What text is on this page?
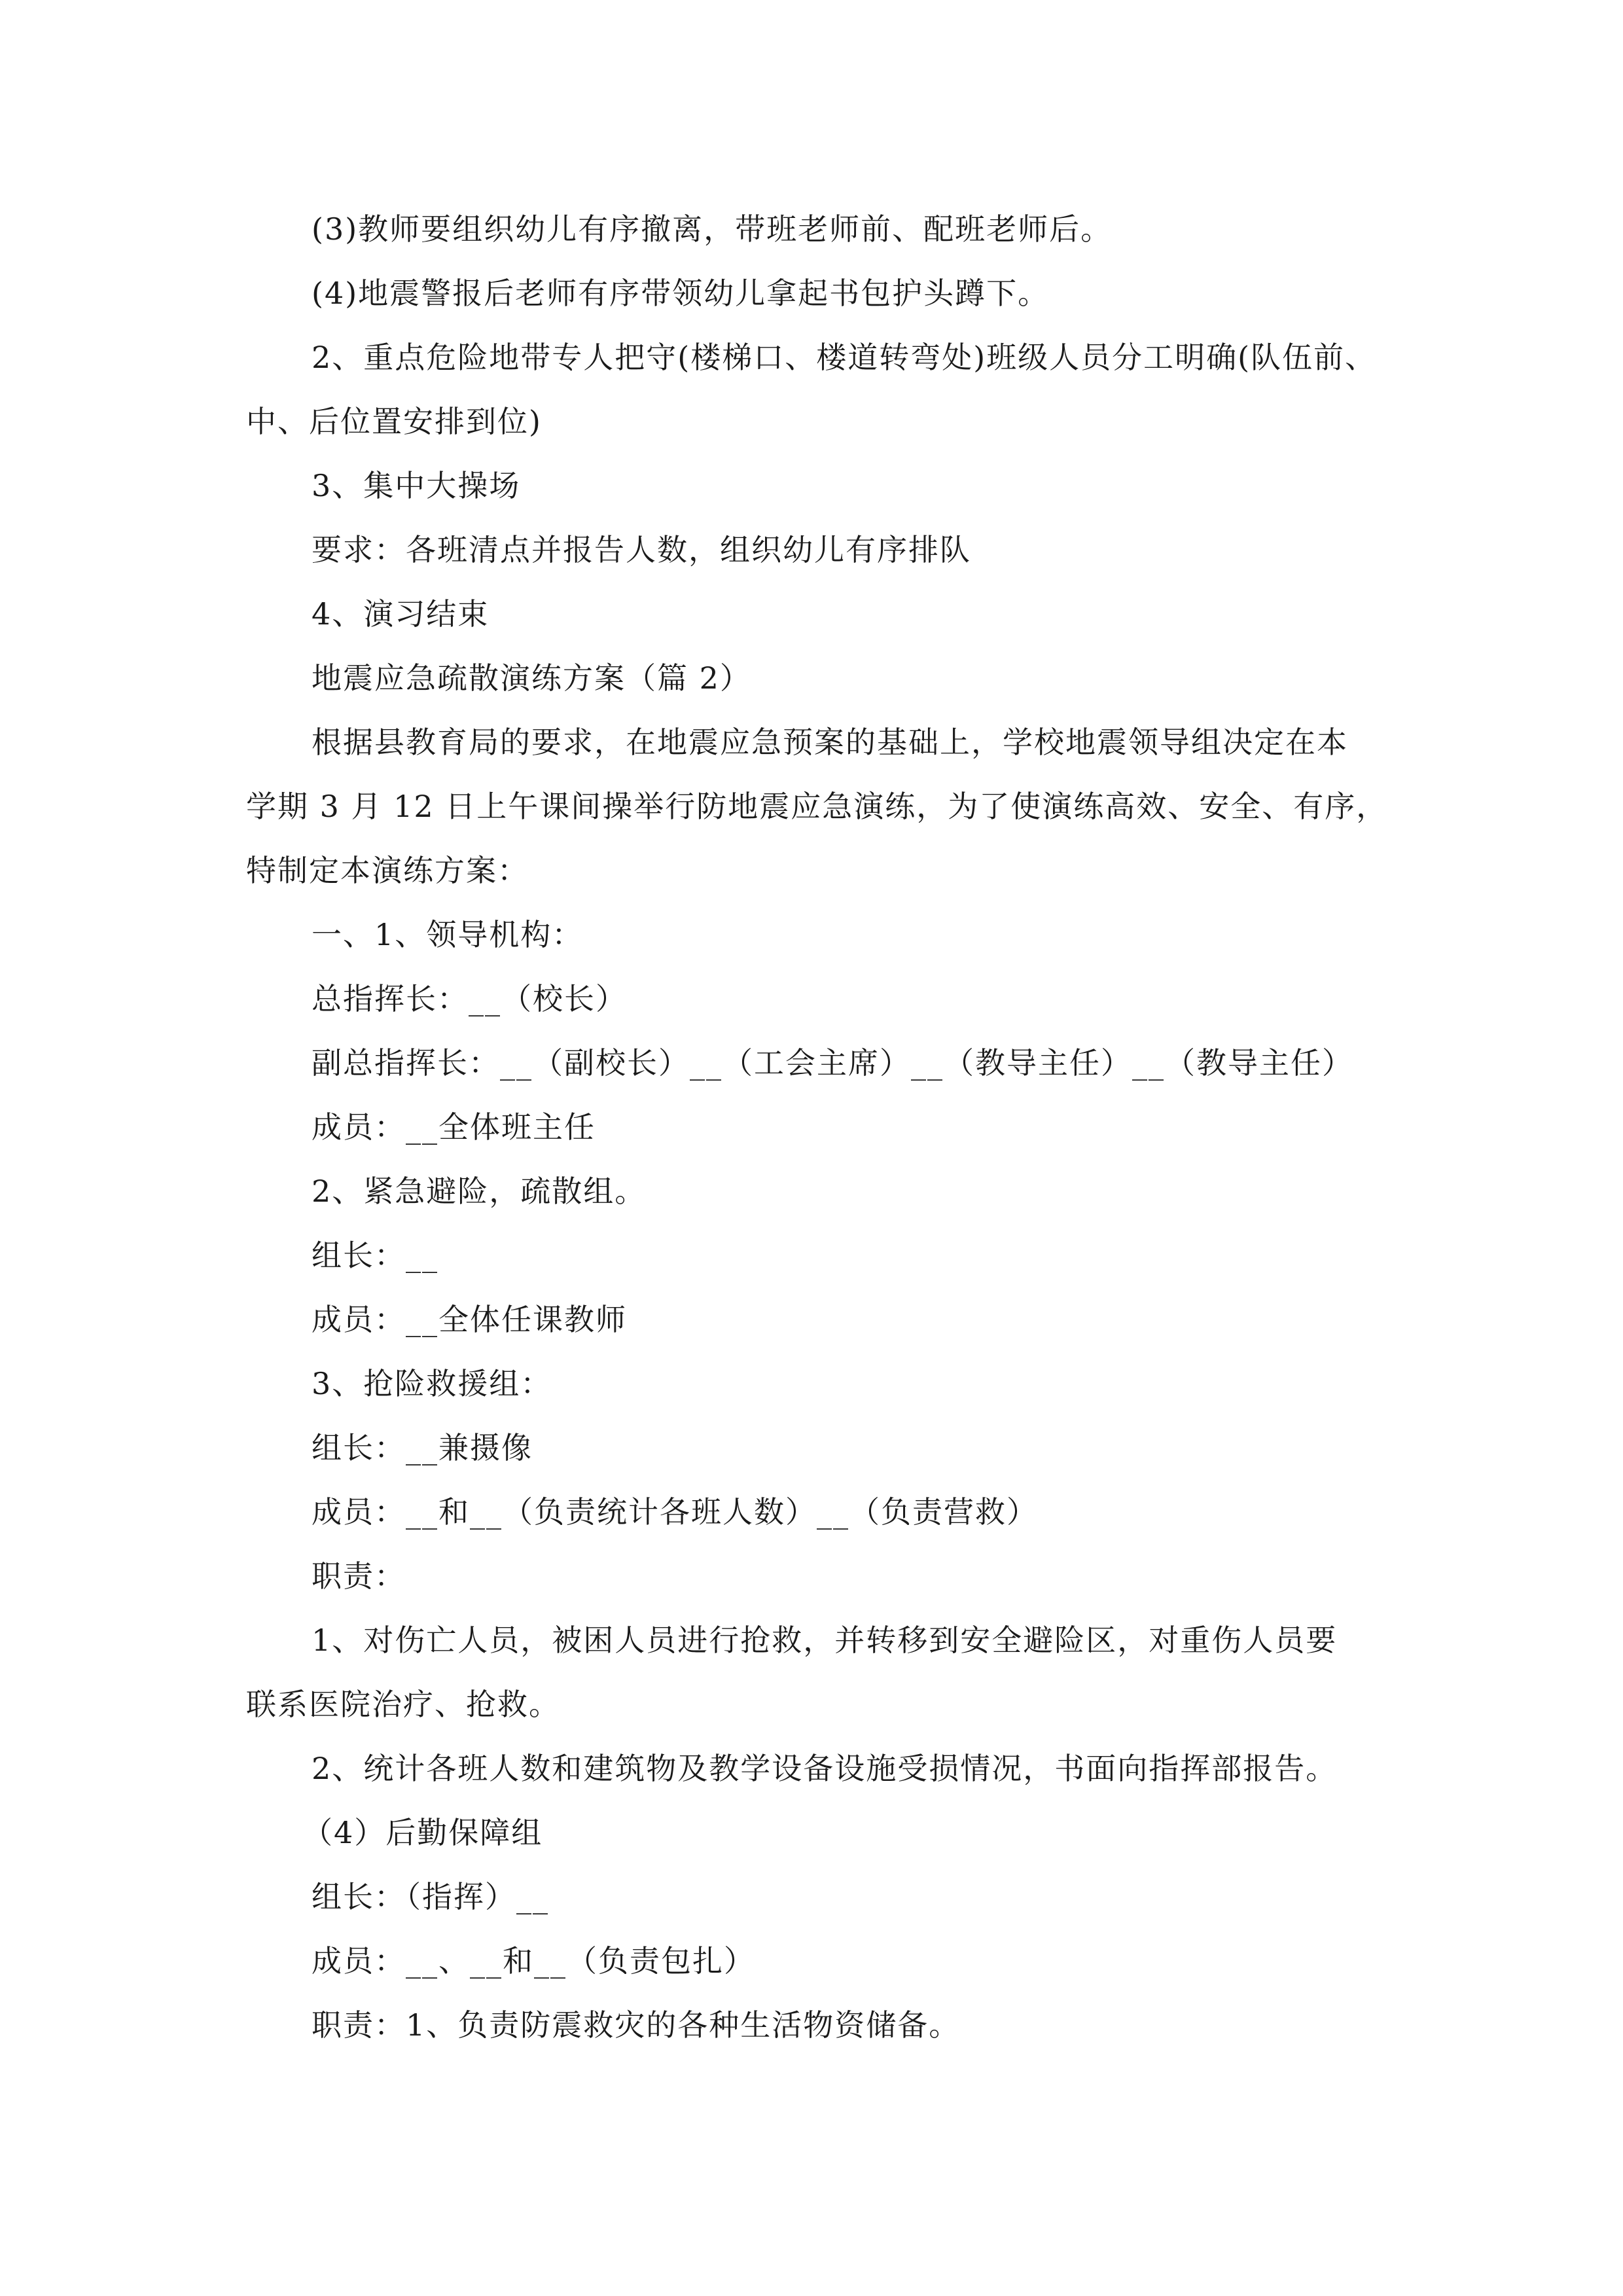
(3)教师要组织幼儿有序撤离，带班老师前、配班老师后。
(4)地震警报后老师有序带领幼儿拿起书包护头蹲下。
2、重点危险地带专人把守(楼梯口、楼道转弯处)班级人员分工明确(队伍前、
中、后位置安排到位)
3、集中大操场
要求：各班清点并报告人数，组织幼儿有序排队
4、演习结束
地震应急疏散演练方案（篇 2）
根据县教育局的要求，在地震应急预案的基础上，学校地震领导组决定在本
学期 3 月 12 日上午课间操举行防地震应急演练，为了使演练高效、安全、有序，
特制定本演练方案：
一、1、领导机构：
总指挥长：__（校长）
副总指挥长：__（副校长）__（工会主席）__（教导主任）__（教导主任）
成员：__全体班主任
2、紧急避险，疏散组。
组长：__
成员：__全体任课教师
3、抢险救援组：
组长：__兼摄像
成员：__和__（负责统计各班人数）__（负责营救）
职责：
1、对伤亡人员，被困人员进行抢救，并转移到安全避险区，对重伤人员要
联系医院治疗、抢救。
2、统计各班人数和建筑物及教学设备设施受损情况，书面向指挥部报告。
（4）后勤保障组
组长：（指挥）__
成员：__、__和__（负责包扎）
职责：1、负责防震救灾的各种生活物资储备。
